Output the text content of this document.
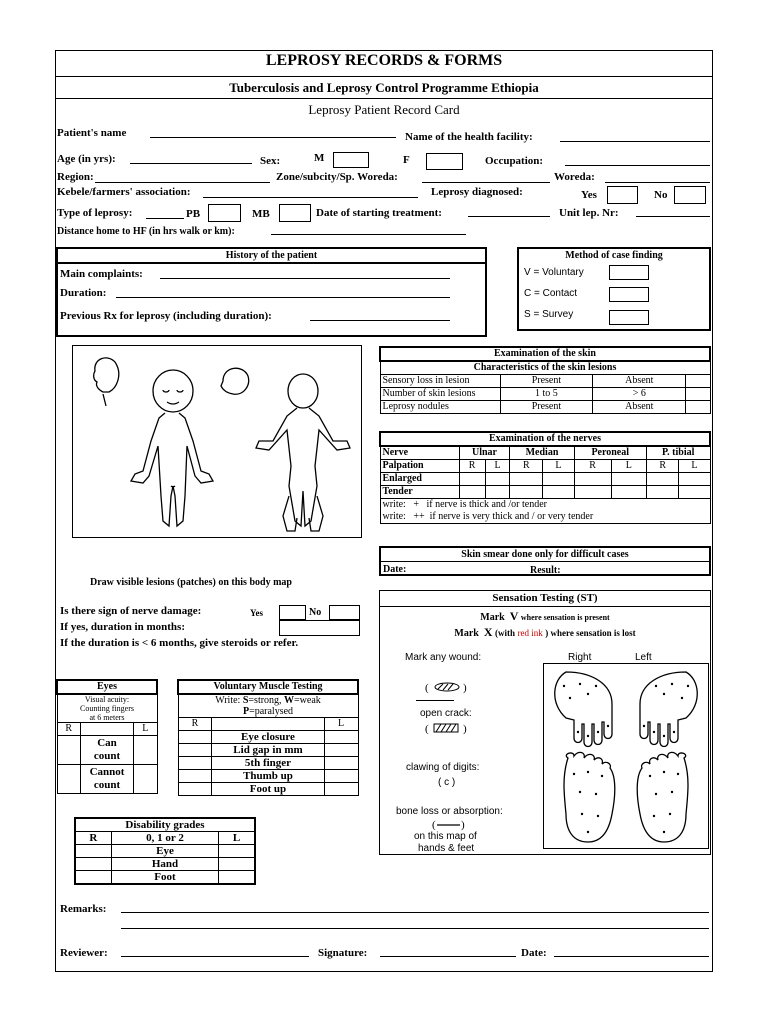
LEPROSY RECORDS & FORMS
Tuberculosis and Leprosy Control Programme Ethiopia
Leprosy Patient Record Card
Patient's name	Name of the health facility:
Age (in yrs):	Sex:	M	F	Occupation:
Region:	Zone/subcity/Sp. Woreda:	Woreda:
Kebele/farmers' association:	Leprosy diagnosed:	Yes	No
Type of leprosy:	PB	MB	Date of starting treatment:	Unit lep. Nr:
Distance home to HF (in hrs walk or km):
History of the patient
Main complaints:
Duration:
Previous Rx for leprosy (including duration):
Method of case finding
V = Voluntary
C = Contact
S = Survey
Draw visible lesions (patches) on this body map
Examination of the skin			
Characteristics of the skin lesions			
Sensory loss in lesion	Present	Absent	
Number of skin lesions	1 to 5	> 6	
Leprosy nodules	Present	Absent	
Examination of the nerves								
Nerve	Ulnar		Median		Peroneal		P. tibial	
Palpation	R	L	R	L	R	L	R	L
Enlarged								
Tender								
write: + if nerve is thick and /or tender								
write: ++ if nerve is very thick and / or very tender								
Skin smear done only for difficult cases
Date:	Result:
Is there sign of nerve damage:	Yes	No
If yes, duration in months:
If the duration is < 6 months, give steroids or refer.
Sensation Testing (ST)
Mark V where sensation is present
Mark X (with red ink ) where sensation is lost
Mark any wound:
(	)
open crack:
(	)
clawing of digits:
( c )
bone loss or absorption:
( )
on this map of
hands & feet
Right	Left
Eyes		

Visual acuity:
Counting fingers
at 6 meters		

R		L

	Can
count	

	Cannot
count	

Voluntary Muscle Testing		

Write: S=strong, W=weak
P=paralysed		

R		L
	Eye closure	
	Lid gap in mm	
	5th finger	
	Thumb up	
	Foot up	
Disability grades		
R	0, 1 or 2	L
	Eye	
	Hand	
	Foot	
Remarks:
Reviewer:	Signature:	Date:
